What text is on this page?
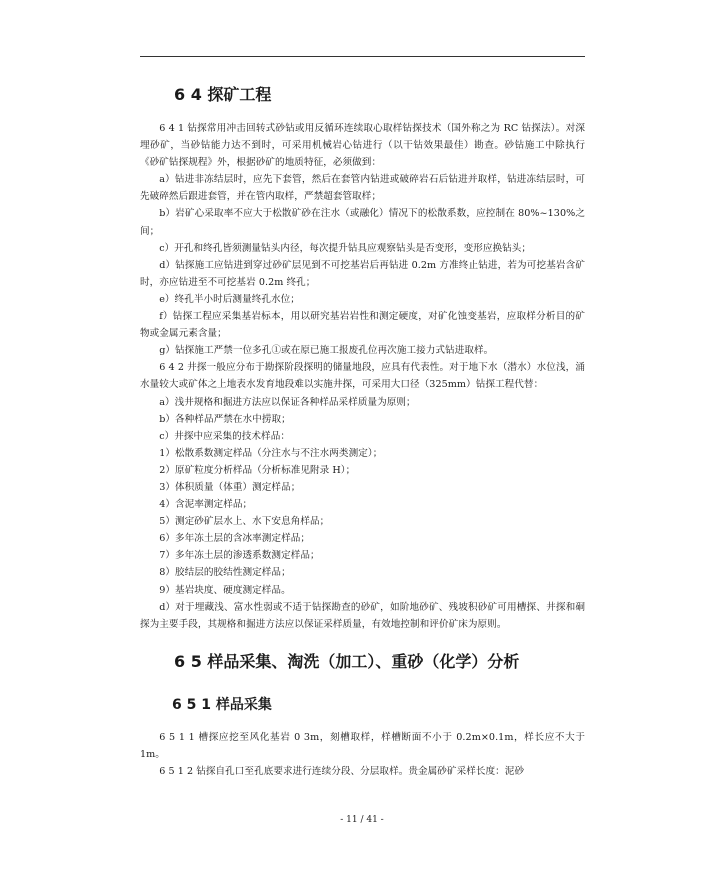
6 4 探矿工程

6 4 1 钻探常用冲击回转式砂钻或用反循环连续取心取样钻探技术（国外称之为 RC 钻探法）。对深埋砂矿，当砂钻能力达不到时，可采用机械岩心钻进行（以干钻效果最佳）勘查。砂钻施工中除执行 《砂矿钻探规程》外，根据砂矿的地质特征，必须做到：

a）钻进非冻结层时，应先下套管，然后在套管内钻进或破碎岩石后钻进并取样，钻进冻结层时，可先破碎然后跟进套管，并在管内取样，严禁超套管取样；

b）岩矿心采取率不应大于松散矿砂在注水（或融化）情况下的松散系数，应控制在 80%~130%之间；

c）开孔和终孔皆须测量钻头内径，每次提升钻具应观察钻头是否变形，变形应换钻头；

d）钻探施工应钻进到穿过砂矿层见到不可挖基岩后再钻进 0.2m 方准终止钻进，若为可挖基岩含矿时，亦应钻进至不可挖基岩 0.2m 终孔；

e）终孔半小时后测量终孔水位；

f）钻探工程应采集基岩标本，用以研究基岩岩性和测定硬度，对矿化蚀变基岩，应取样分析目的矿物或金属元素含量；

g）钻探施工严禁一位多孔①或在原已施工报废孔位再次施工接力式钻进取样。

6 4 2 井探一般应分布于勘探阶段探明的储量地段，应具有代表性。对于地下水（潜水）水位浅，涌水量较大或矿体之上地表水发育地段难以实施井探，可采用大口径（325mm）钻探工程代替：

a）浅井规格和掘进方法应以保证各种样品采样质量为原则；

b）各种样品严禁在水中捞取；

c）井探中应采集的技术样品：

1）松散系数测定样品（分注水与不注水两类测定）；

2）原矿粒度分析样品（分析标准见附录 H）；

3）体积质量（体重）测定样品；

4）含泥率测定样品；

5）测定砂矿层水上、水下安息角样品；

6）多年冻土层的含冰率测定样品；

7）多年冻土层的渗透系数测定样品；

8）胶结层的胶结性测定样品；

9）基岩块度、硬度测定样品。

d）对于埋藏浅、富水性弱或不适于钻探勘查的砂矿，如阶地砂矿、残坡积砂矿可用槽探、井探和硐探为主要手段，其规格和掘进方法应以保证采样质量，有效地控制和评价矿床为原则。

6 5 样品采集、淘洗（加工）、重砂（化学）分析
6 5 1 样品采集

6 5 1 1 槽探应挖至风化基岩 0 3m，刻槽取样，样槽断面不小于 0.2m×0.1m，样长应不大于 1m。

6 5 1 2 钻探自孔口至孔底要求进行连续分段、分层取样。贵金属砂矿采样长度：泥砂

- 11 / 41 -
